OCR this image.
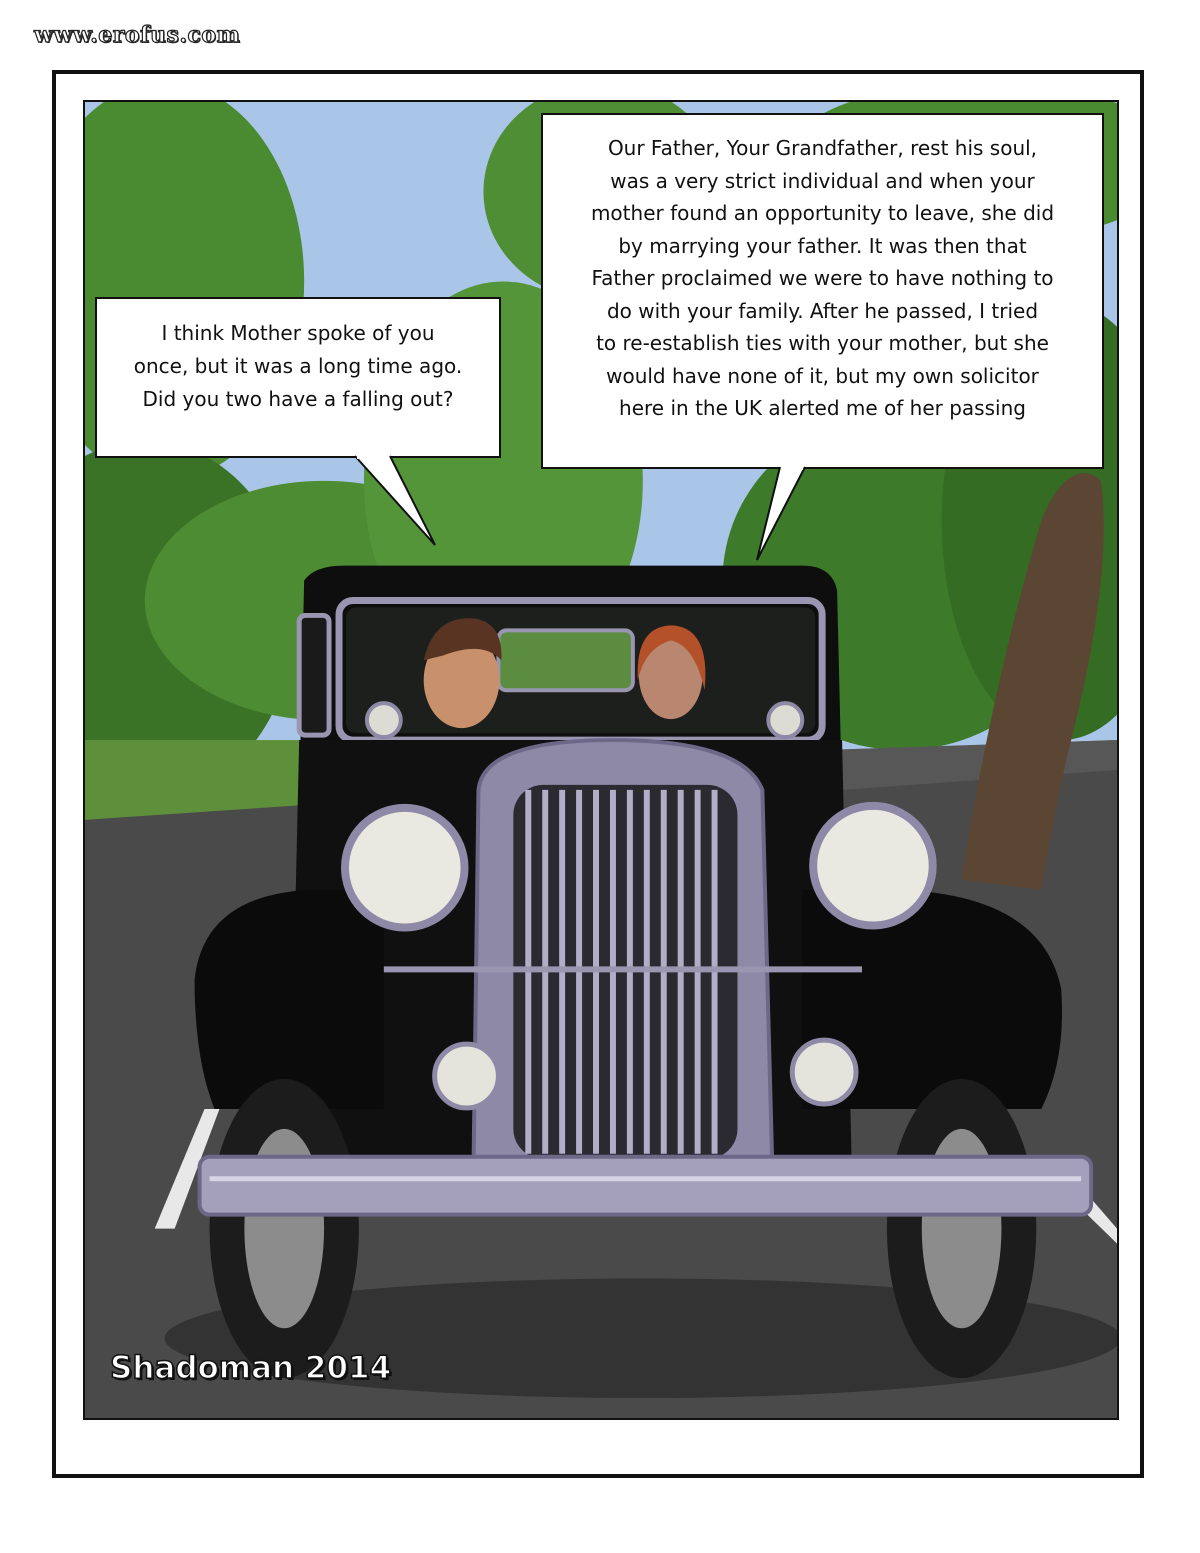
www.erofus.com

I think Mother spoke of you
once, but it was a long time ago.
Did you two have a falling out?

Our Father, Your Grandfather, rest his soul,
was a very strict individual and when your
mother found an opportunity to leave, she did
by marrying your father. It was then that
Father proclaimed we were to have nothing to
do with your family. After he passed, I tried
to re-establish ties with your mother, but she
would have none of it, but my own solicitor
here in the UK alerted me of her passing

Shadoman 2014
